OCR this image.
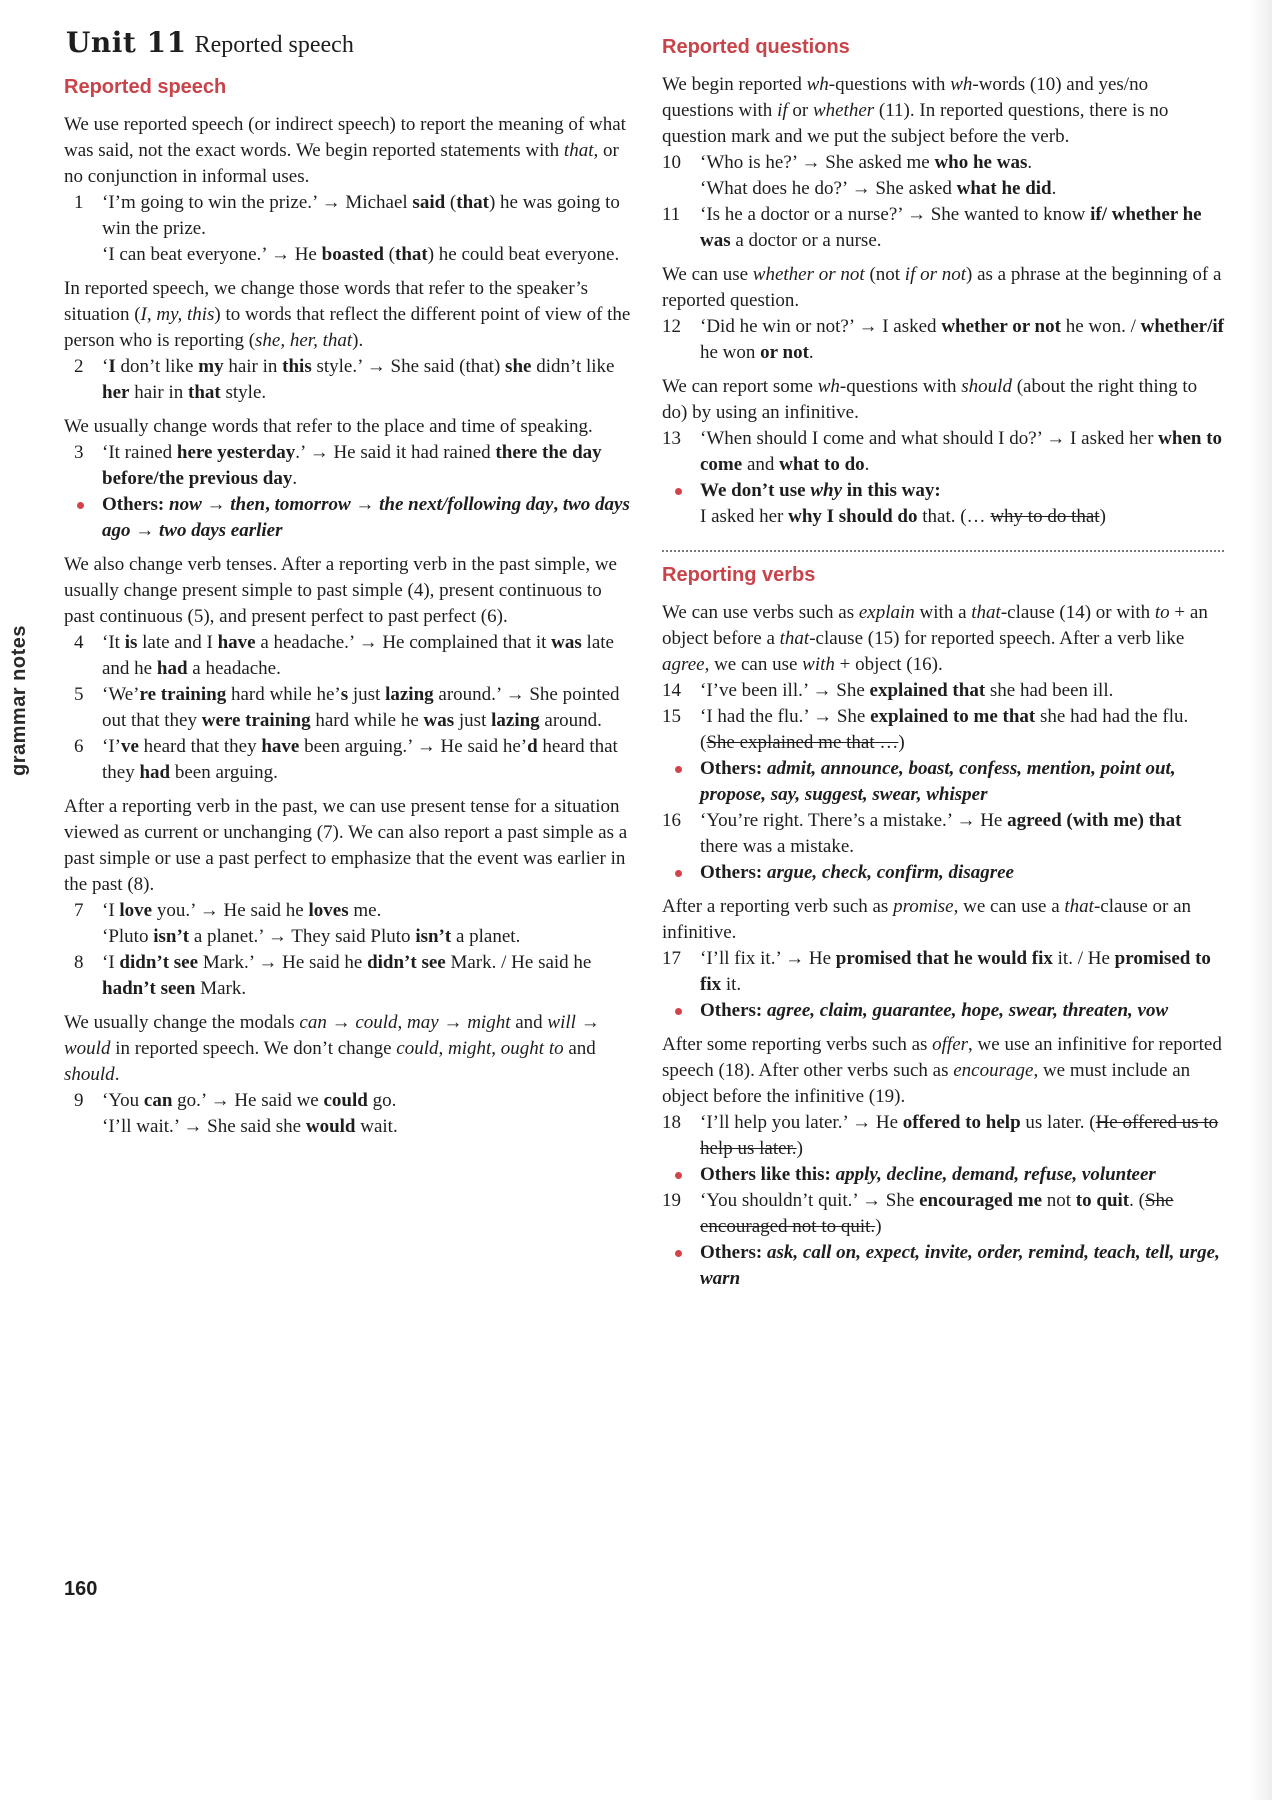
Unit 11 Reported speech
grammar notes
Reported speech
We use reported speech (or indirect speech) to report the meaning of what was said, not the exact words. We begin reported statements with that, or no conjunction in informal uses.
1 ‘I’m going to win the prize.’ → Michael said (that) he was going to win the prize.
‘I can beat everyone.’ → He boasted (that) he could beat everyone.
In reported speech, we change those words that refer to the speaker’s situation (I, my, this) to words that reflect the different point of view of the person who is reporting (she, her, that).
2 ‘I don’t like my hair in this style.’ → She said (that) she didn’t like her hair in that style.
We usually change words that refer to the place and time of speaking.
3 ‘It rained here yesterday.’ → He said it had rained there the day before/the previous day.
Others: now → then, tomorrow → the next/following day, two days ago → two days earlier
We also change verb tenses. After a reporting verb in the past simple, we usually change present simple to past simple (4), present continuous to past continuous (5), and present perfect to past perfect (6).
4 ‘It is late and I have a headache.’ → He complained that it was late and he had a headache.
5 ‘We’re training hard while he’s just lazing around.’ → She pointed out that they were training hard while he was just lazing around.
6 ‘I’ve heard that they have been arguing.’ → He said he’d heard that they had been arguing.
After a reporting verb in the past, we can use present tense for a situation viewed as current or unchanging (7). We can also report a past simple as a past simple or use a past perfect to emphasize that the event was earlier in the past (8).
7 ‘I love you.’ → He said he loves me.
‘Pluto isn’t a planet.’ → They said Pluto isn’t a planet.
8 ‘I didn’t see Mark.’ → He said he didn’t see Mark. / He said he hadn’t seen Mark.
We usually change the modals can → could, may → might and will → would in reported speech. We don’t change could, might, ought to and should.
9 ‘You can go.’ → He said we could go.
‘I’ll wait.’ → She said she would wait.
Reported questions
We begin reported wh-questions with wh-words (10) and yes/no questions with if or whether (11). In reported questions, there is no question mark and we put the subject before the verb.
10 ‘Who is he?’ → She asked me who he was.
‘What does he do?’ → She asked what he did.
11 ‘Is he a doctor or a nurse?’ → She wanted to know if/ whether he was a doctor or a nurse.
We can use whether or not (not if or not) as a phrase at the beginning of a reported question.
12 ‘Did he win or not?’ → I asked whether or not he won. / whether/if he won or not.
We can report some wh-questions with should (about the right thing to do) by using an infinitive.
13 ‘When should I come and what should I do?’ → I asked her when to come and what to do.
We don’t use why in this way:
I asked her why I should do that. (… why to do that)
Reporting verbs
We can use verbs such as explain with a that-clause (14) or with to + an object before a that-clause (15) for reported speech. After a verb like agree, we can use with + object (16).
14 ‘I’ve been ill.’ → She explained that she had been ill.
15 ‘I had the flu.’ → She explained to me that she had had the flu. (She explained me that …)
Others: admit, announce, boast, confess, mention, point out, propose, say, suggest, swear, whisper
16 ‘You’re right. There’s a mistake.’ → He agreed (with me) that there was a mistake.
Others: argue, check, confirm, disagree
After a reporting verb such as promise, we can use a that-clause or an infinitive.
17 ‘I’ll fix it.’ → He promised that he would fix it. / He promised to fix it.
Others: agree, claim, guarantee, hope, swear, threaten, vow
After some reporting verbs such as offer, we use an infinitive for reported speech (18). After other verbs such as encourage, we must include an object before the infinitive (19).
18 ‘I’ll help you later.’ → He offered to help us later. (He offered us to help us later.)
Others like this: apply, decline, demand, refuse, volunteer
19 ‘You shouldn’t quit.’ → She encouraged me not to quit. (She encouraged not to quit.)
Others: ask, call on, expect, invite, order, remind, teach, tell, urge, warn
160
